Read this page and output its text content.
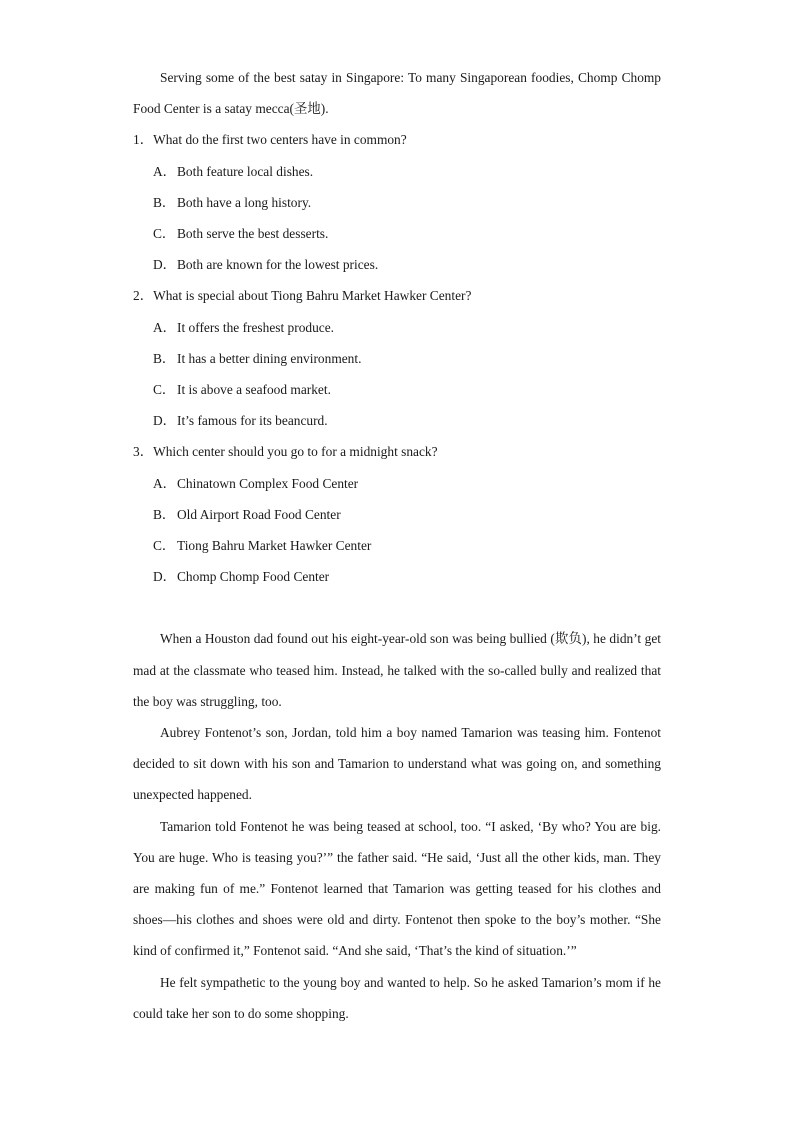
Serving some of the best satay in Singapore: To many Singaporean foodies, Chomp Chomp Food Center is a satay mecca(圣地).

1．What do the first two centers have in common?

A．Both feature local dishes.

B． Both have a long history.

C． Both serve the best desserts.

D．Both are known for the lowest prices.

2．What is special about Tiong Bahru Market Hawker Center?

A．It offers the freshest produce.

B． It has a better dining environment.

C． It is above a seafood market.

D．It’s famous for its beancurd.

3．Which center should you go to for a midnight snack?

A．Chinatown Complex Food Center

B． Old Airport Road Food Center

C． Tiong Bahru Market Hawker Center

D．Chomp Chomp Food Center

When a Houston dad found out his eight-year-old son was being bullied (欺负), he didn’t get mad at the classmate who teased him. Instead, he talked with the so-called bully and realized that the boy was struggling, too.

Aubrey Fontenot’s son, Jordan, told him a boy named Tamarion was teasing him. Fontenot decided to sit down with his son and Tamarion to understand what was going on, and something unexpected happened.

Tamarion told Fontenot he was being teased at school, too. “I asked, ‘By who? You are big. You are huge. Who is teasing you?’” the father said. “He said, ‘Just all the other kids, man. They are making fun of me.” Fontenot learned that Tamarion was getting teased for his clothes and shoes—his clothes and shoes were old and dirty. Fontenot then spoke to the boy’s mother. “She kind of confirmed it,” Fontenot said. “And she said, ‘That’s the kind of situation.’”

He felt sympathetic to the young boy and wanted to help. So he asked Tamarion’s mom if he could take her son to do some shopping.
